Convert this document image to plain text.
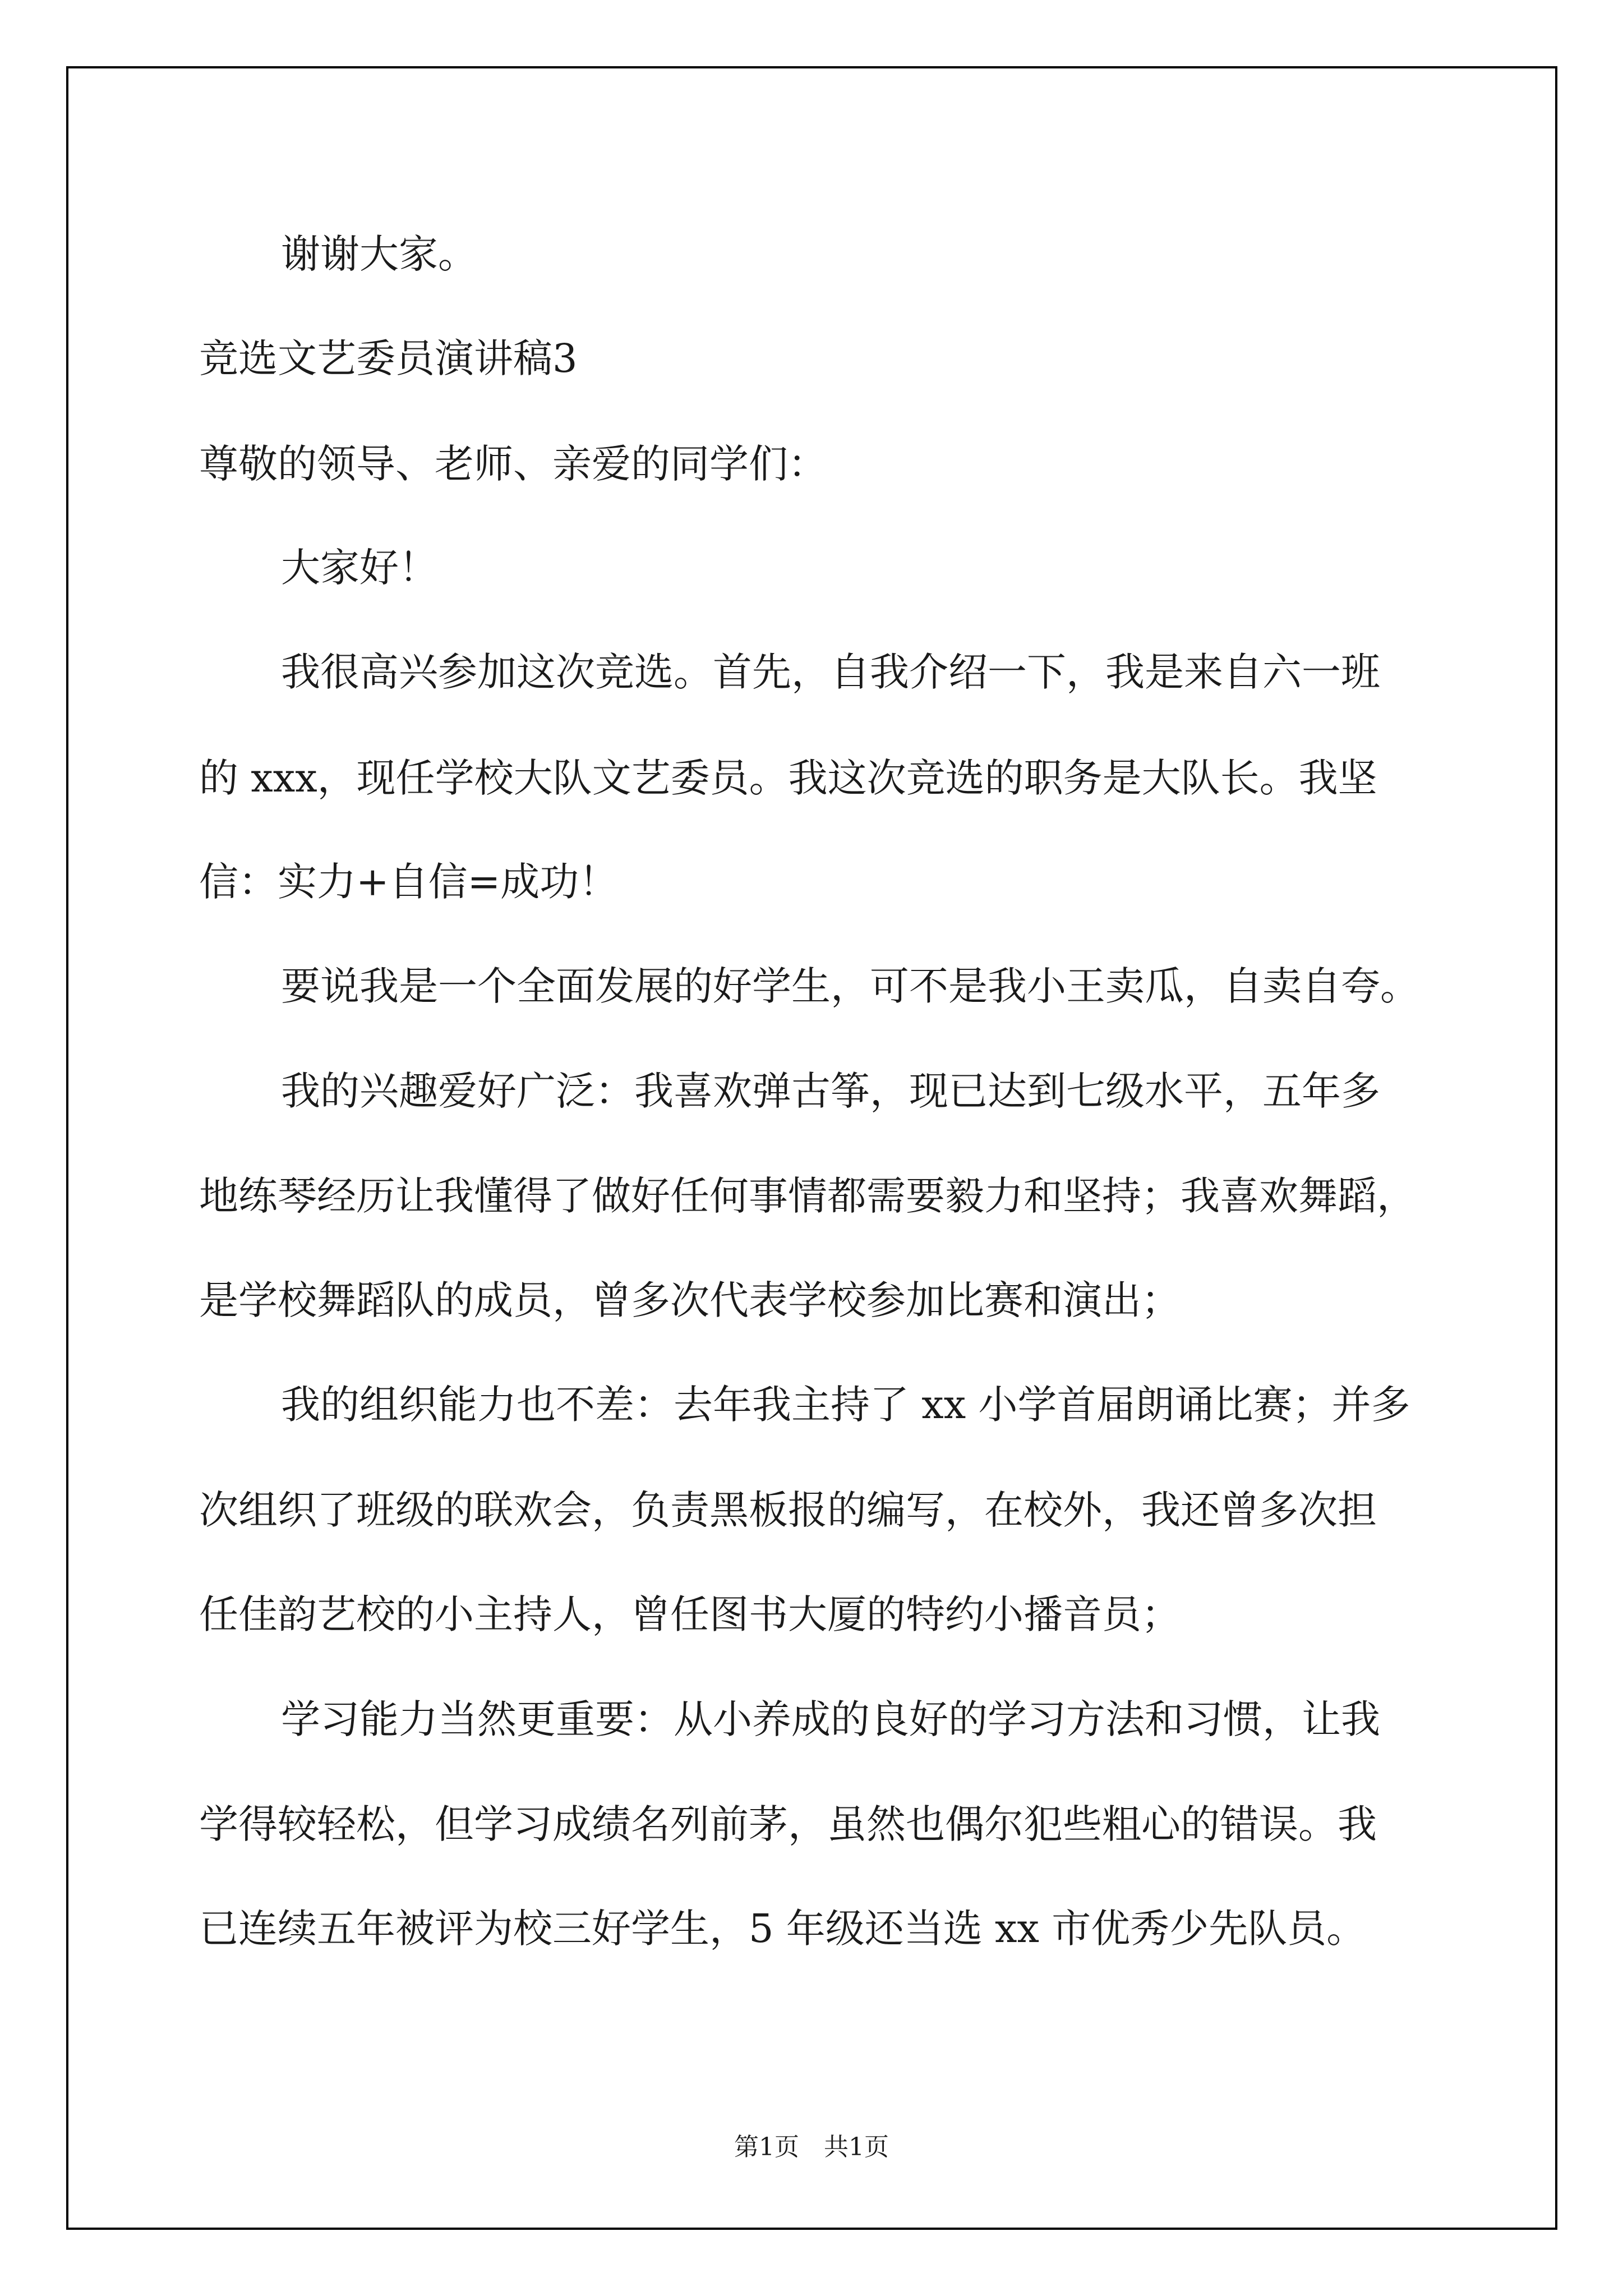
谢谢大家。
竞选文艺委员演讲稿3
尊敬的领导、老师、亲爱的同学们：
大家好！
我很高兴参加这次竞选。首先，自我介绍一下，我是来自六一班
的 xxx，现任学校大队文艺委员。我这次竞选的职务是大队长。我坚
信：实力+自信=成功！
要说我是一个全面发展的好学生，可不是我小王卖瓜，自卖自夸。
我的兴趣爱好广泛：我喜欢弹古筝，现已达到七级水平，五年多
地练琴经历让我懂得了做好任何事情都需要毅力和坚持；我喜欢舞蹈，
是学校舞蹈队的成员，曾多次代表学校参加比赛和演出；
我的组织能力也不差：去年我主持了 xx 小学首届朗诵比赛；并多
次组织了班级的联欢会，负责黑板报的编写，在校外，我还曾多次担
任佳韵艺校的小主持人，曾任图书大厦的特约小播音员；
学习能力当然更重要：从小养成的良好的学习方法和习惯，让我
学得较轻松，但学习成绩名列前茅，虽然也偶尔犯些粗心的错误。我
已连续五年被评为校三好学生，5 年级还当选 xx 市优秀少先队员。
第1页　共1页
